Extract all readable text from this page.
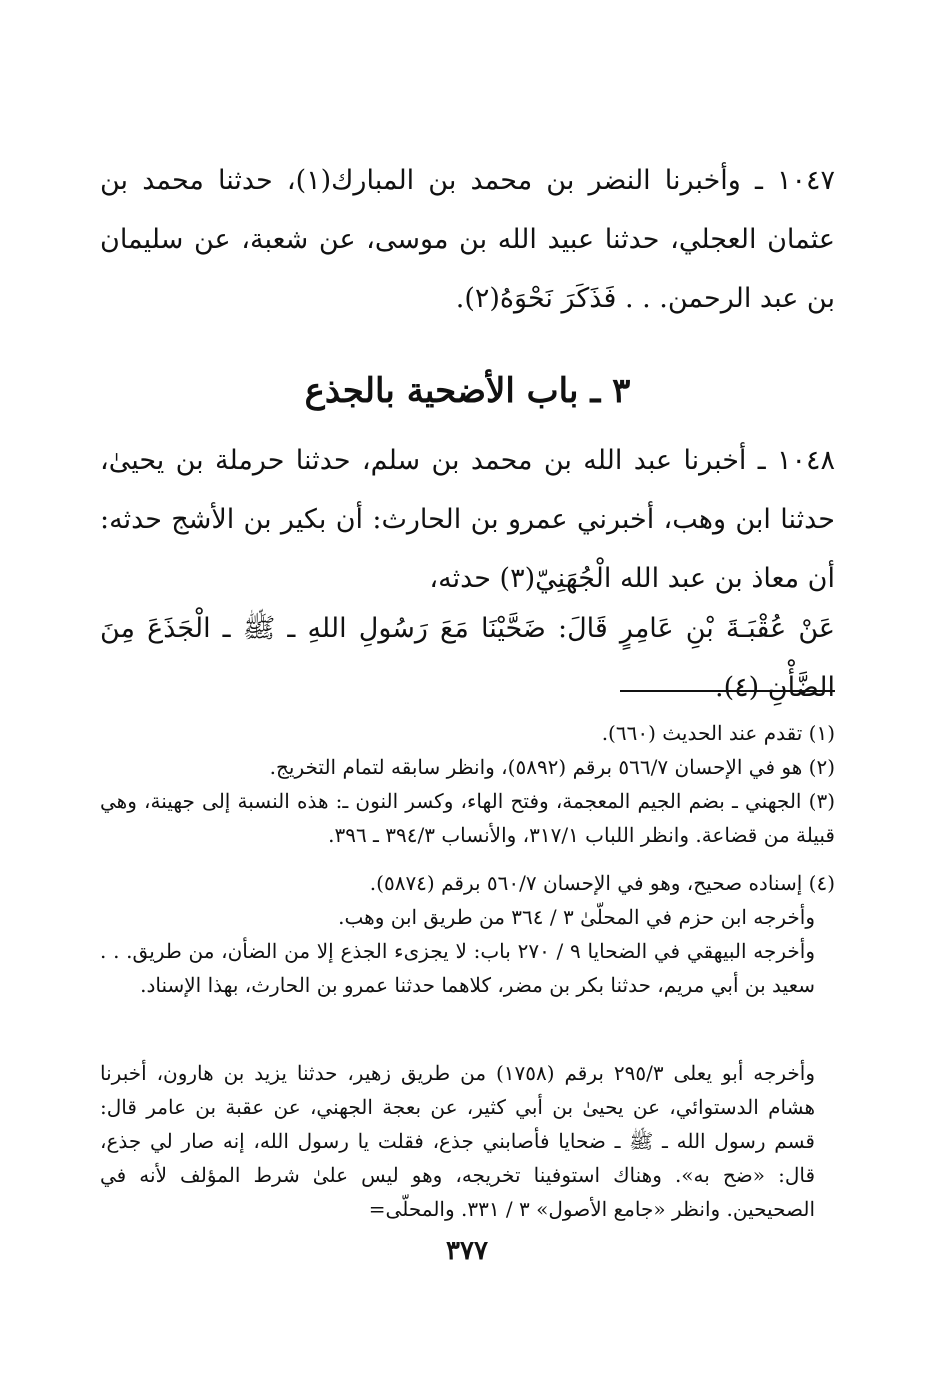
١٠٤٧ ـ وأخبرنا النضر بن محمد بن المبارك(١)، حدثنا محمد بن عثمان العجلي، حدثنا عبيد الله بن موسى، عن شعبة، عن سليمان بن عبد الرحمن. . . فَذَكَرَ نَحْوَهُ(٢).

٣ ـ باب الأضحية بالجذع

١٠٤٨ ـ أخبرنا عبد الله بن محمد بن سلم، حدثنا حرملة بن يحيىٰ، حدثنا ابن وهب، أخبرني عمرو بن الحارث: أن بكير بن الأشج حدثه: أن معاذ بن عبد الله الْجُهَنِيّ(٣) حدثه،

عَنْ عُقْبَـةَ بْنِ عَامِرٍ قَالَ: ضَحَّيْنَا مَعَ رَسُولِ اللهِ ـ ﷺ ـ الْجَذَعَ مِنَ الضَّأْنِ (٤).

(١) تقدم عند الحديث (٦٦٠).

(٢) هو في الإحسان ٥٦٦/٧ برقم (٥٨٩٢)، وانظر سابقه لتمام التخريج.

(٣) الجهني ـ بضم الجيم المعجمة، وفتح الهاء، وكسر النون ـ: هذه النسبة إلى جهينة، وهي قبيلة من قضاعة. وانظر اللباب ٣١٧/١، والأنساب ٣٩٤/٣ ـ ٣٩٦.

(٤) إسناده صحيح، وهو في الإحسان ٥٦٠/٧ برقم (٥٨٧٤).

وأخرجه ابن حزم في المحلّىٰ ٣ / ٣٦٤ من طريق ابن وهب.

وأخرجه البيهقي في الضحايا ٩ / ٢٧٠ باب: لا يجزىء الجذع إلا من الضأن، من طريق. . . سعيد بن أبي مريم، حدثنا بكر بن مضر، كلاهما حدثنا عمرو بن الحارث، بهذا الإسناد.

وأخرجه أبو يعلى ٢٩٥/٣ برقم (١٧٥٨) من طريق زهير، حدثنا يزيد بن هارون، أخبرنا هشام الدستوائي، عن يحيىٰ بن أبي كثير، عن بعجة الجهني، عن عقبة بن عامر قال: قسم رسول الله ـ ﷺ ـ ضحايا فأصابني جذع، فقلت يا رسول الله، إنه صار لي جذع، قال: «ضح به». وهناك استوفينا تخريجه، وهو ليس علىٰ شرط المؤلف لأنه في الصحيحين. وانظر «جامع الأصول» ٣ / ٣٣١. والمحلّى=

٣٧٧
